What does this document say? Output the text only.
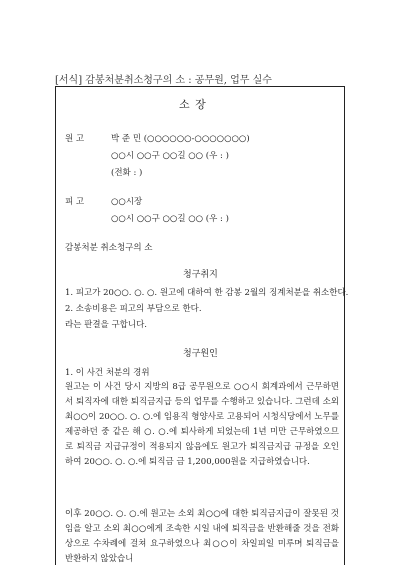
[서식] 감봉처분취소청구의 소 : 공무원, 업무 실수
소 장
원 고	박 준 민 (○○○○○○-○○○○○○○)
○○시 ○○구 ○○길 ○○ (우 : )
(전화 : )
피 고	○○시장
○○시 ○○구 ○○길 ○○ (우 : )
감봉처분 취소청구의 소
청구취지
1. 피고가 20○○. ○. ○. 원고에 대하여 한 감봉 2월의 징계처분을 취소한다.
2. 소송비용은 피고의 부담으로 한다.
라는 판결을 구합니다.
청구원인
1. 이 사건 처분의 경위
원고는 이 사건 당시 지방의 8급 공무원으로 ○○시 회계과에서 근무하면서 퇴직자에 대한 퇴직금지급 등의 업무를 수행하고 있습니다. 그런데 소외 최○○이 20○○. ○. ○.에 임용직 형양사로 고용되어 시청식당에서 노무를 제공하던 중 같은 해 ○. ○.에 퇴사하게 되었는데 1년 미만 근무하였으므로 퇴직금 지급규정이 적용되지 않음에도 원고가 퇴직금지급 규정을 오인하여 20○○. ○. ○.에 퇴직금 금 1,200,000원을 지급하였습니다.
이후 20○○. ○. ○.에 원고는 소외 최○○에 대한 퇴직금지급이 잘못된 것임을 알고 소외 최○○에게 조속한 시일 내에 퇴직금을 반환해줄 것을 전화상으로 수차례에 걸쳐 요구하였으나 최○○이 차일피일 미루며 퇴직금을 반환하지 않았습니
